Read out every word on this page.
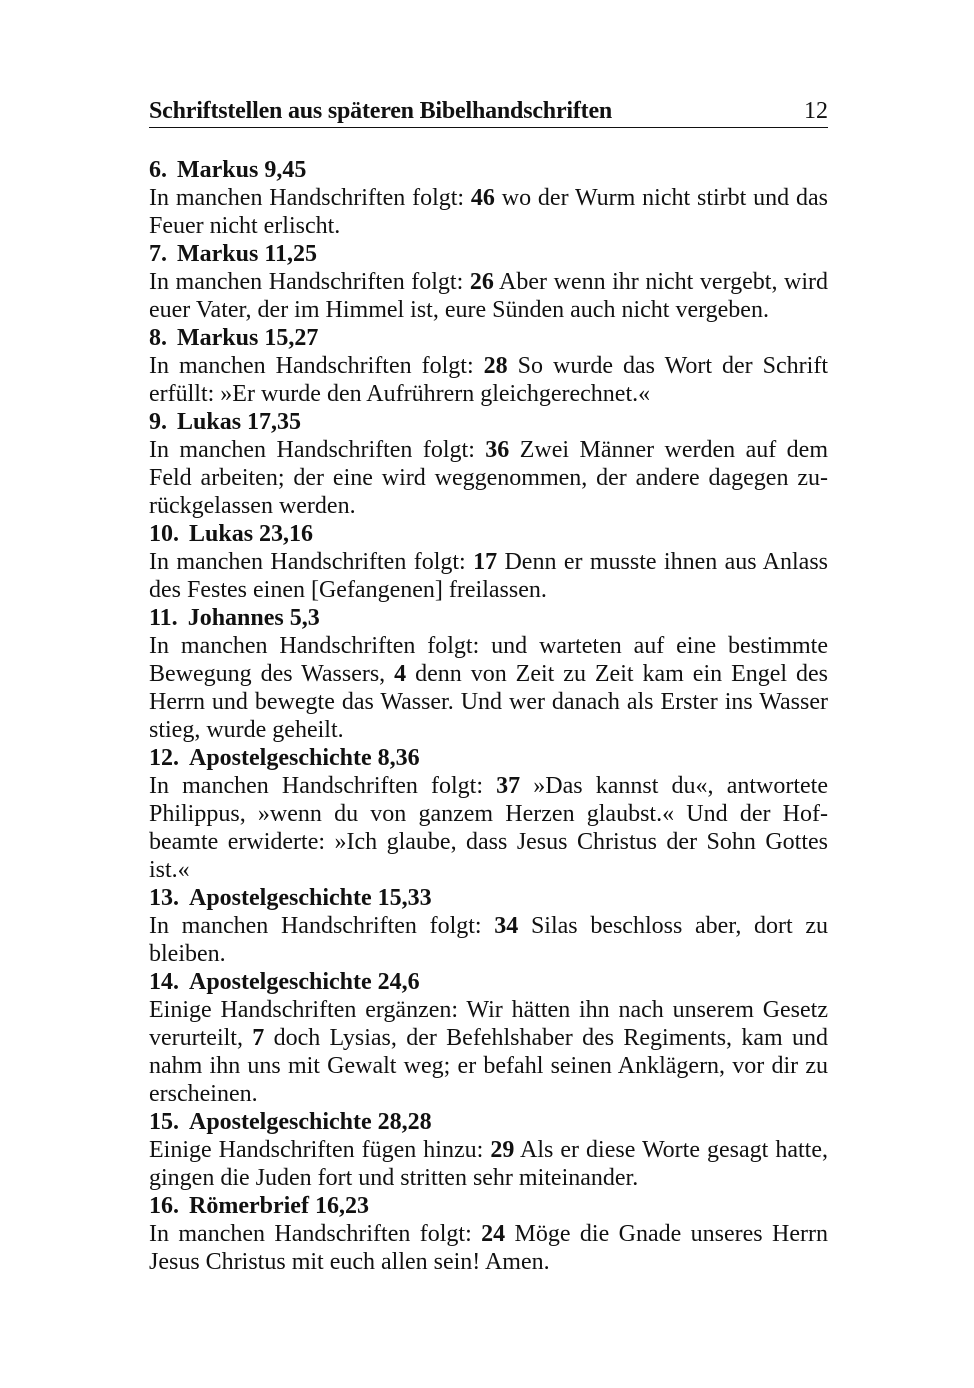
Schriftstellen aus späteren Bibelhandschriften	12

6. Markus 9,45

In manchen Handschriften folgt: 46 wo der Wurm nicht stirbt und das Feuer nicht erlischt.

7. Markus 11,25

In manchen Handschriften folgt: 26 Aber wenn ihr nicht vergebt, wird euer Vater, der im Himmel ist, eure Sünden auch nicht vergeben.

8. Markus 15,27

In manchen Handschriften folgt: 28 So wurde das Wort der Schrift erfüllt: »Er wurde den Aufrührern gleichgerechnet.«

9. Lukas 17,35

In manchen Handschriften folgt: 36 Zwei Männer werden auf dem Feld arbeiten; der eine wird weggenommen, der andere dagegen zurückgelassen werden.

10. Lukas 23,16

In manchen Handschriften folgt: 17 Denn er musste ihnen aus Anlass des Festes einen [Gefangenen] freilassen.

11. Johannes 5,3

In manchen Handschriften folgt: und warteten auf eine bestimmte Bewegung des Wassers, 4 denn von Zeit zu Zeit kam ein Engel des Herrn und bewegte das Wasser. Und wer danach als Erster ins Wasser stieg, wurde geheilt.

12. Apostelgeschichte 8,36

In manchen Handschriften folgt: 37 »Das kannst du«, antwortete Philippus, »wenn du von ganzem Herzen glaubst.« Und der Hofbeamte erwiderte: »Ich glaube, dass Jesus Christus der Sohn Gottes ist.«

13. Apostelgeschichte 15,33

In manchen Handschriften folgt: 34 Silas beschloss aber, dort zu bleiben.

14. Apostelgeschichte 24,6

Einige Handschriften ergänzen: Wir hätten ihn nach unserem Gesetz verurteilt, 7 doch Lysias, der Befehlshaber des Regiments, kam und nahm ihn uns mit Gewalt weg; er befahl seinen Anklägern, vor dir zu erscheinen.

15. Apostelgeschichte 28,28

Einige Handschriften fügen hinzu: 29 Als er diese Worte gesagt hatte, gingen die Juden fort und stritten sehr miteinander.

16. Römerbrief 16,23

In manchen Handschriften folgt: 24 Möge die Gnade unseres Herrn Jesus Christus mit euch allen sein! Amen.
